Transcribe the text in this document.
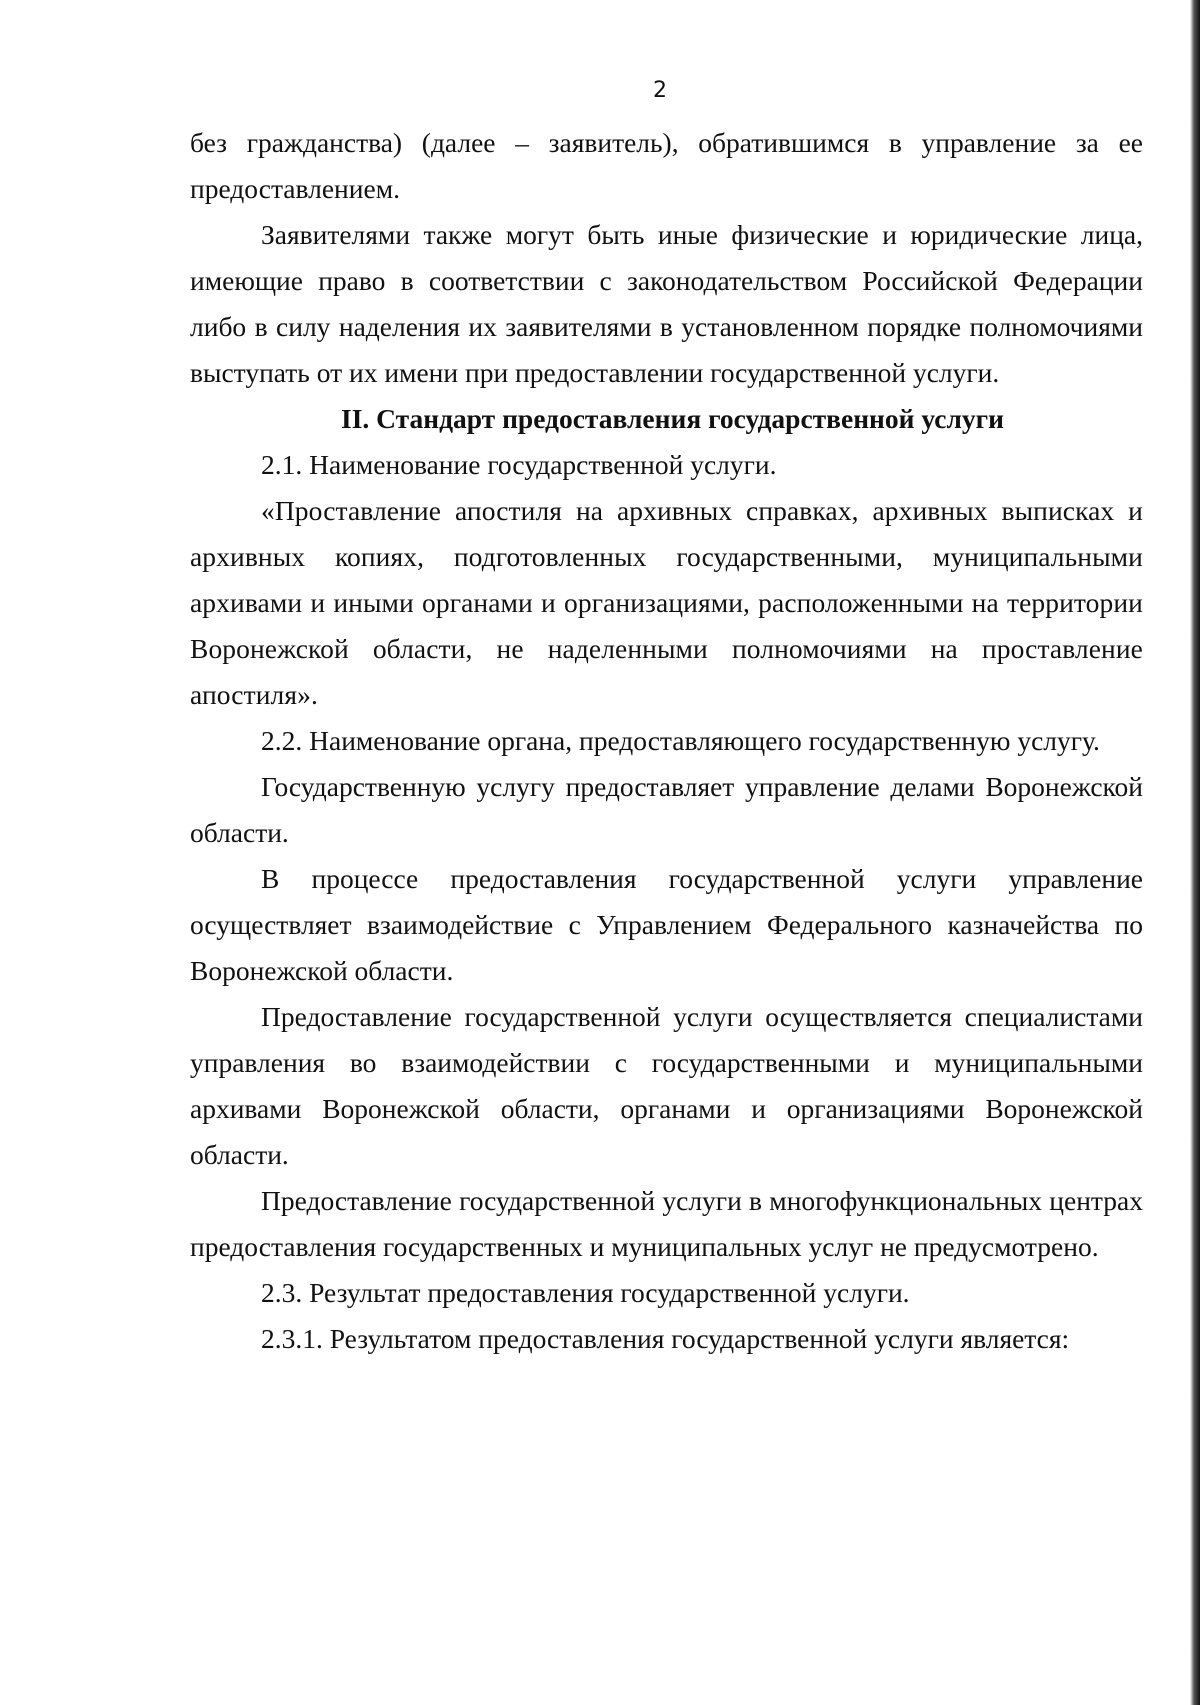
2

без гражданства) (далее – заявитель), обратившимся в управление за ее предоставлением.

Заявителями также могут быть иные физические и юридические лица, имеющие право в соответствии с законодательством Российской Федерации либо в силу наделения их заявителями в установленном порядке полномочиями выступать от их имени при предоставлении государственной услуги.

II. Стандарт предоставления государственной услуги

2.1. Наименование государственной услуги.

«Проставление апостиля на архивных справках, архивных выписках и архивных копиях, подготовленных государственными, муниципальными архивами и иными органами и организациями, расположенными на территории Воронежской области, не наделенными полномочиями на проставление апостиля».

2.2. Наименование органа, предоставляющего государственную услугу.

Государственную услугу предоставляет управление делами Воронежской области.

В процессе предоставления государственной услуги управление осуществляет взаимодействие с Управлением Федерального казначейства по Воронежской области.

Предоставление государственной услуги осуществляется специалистами управления во взаимодействии с государственными и муниципальными архивами Воронежской области, органами и организациями Воронежской области.

Предоставление государственной услуги в многофункциональных центрах предоставления государственных и муниципальных услуг не предусмотрено.

2.3. Результат предоставления государственной услуги.

2.3.1. Результатом предоставления государственной услуги является:
